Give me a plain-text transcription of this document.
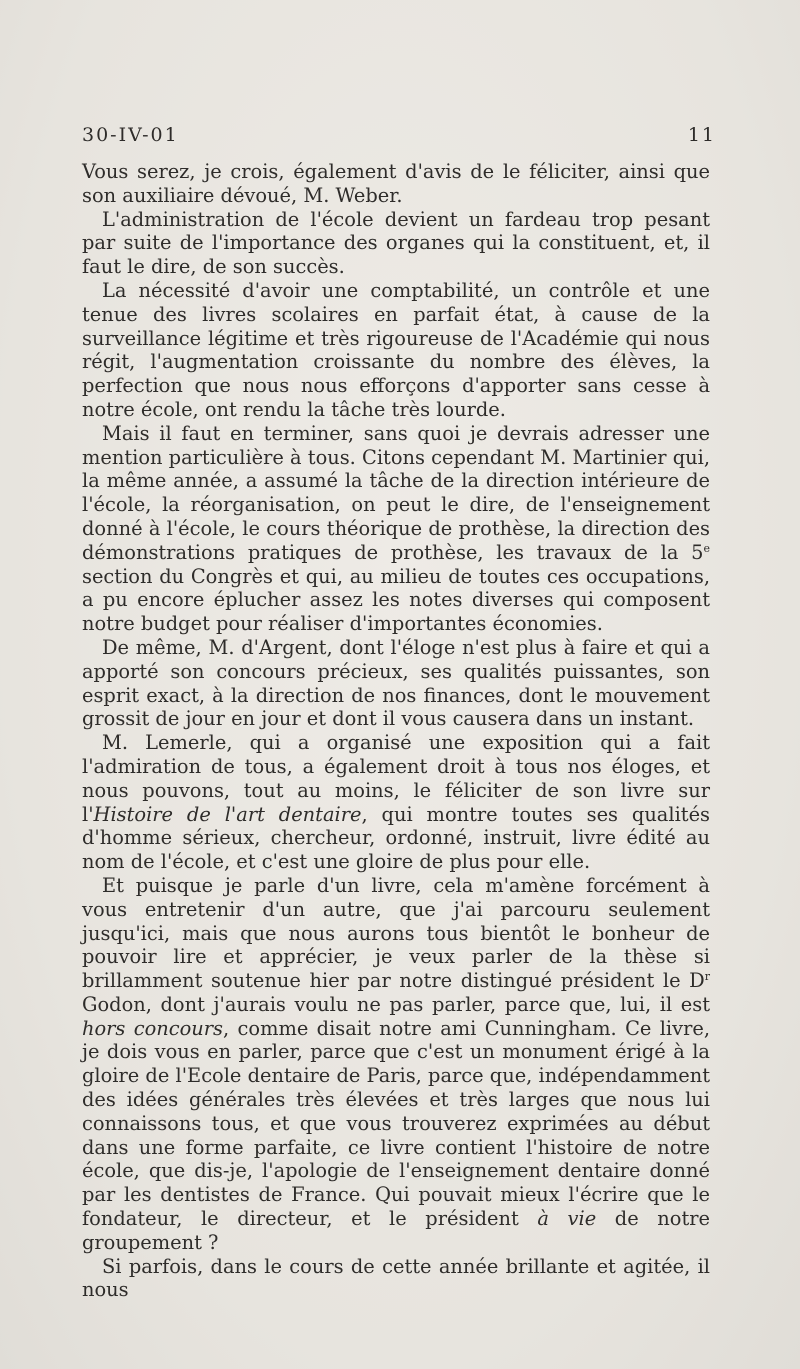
30-IV-01	11

Vous serez, je crois, également d'avis de le féliciter, ainsi que son auxiliaire dévoué, M. Weber.

L'administration de l'école devient un fardeau trop pesant par suite de l'importance des organes qui la constituent, et, il faut le dire, de son succès.

La nécessité d'avoir une comptabilité, un contrôle et une tenue des livres scolaires en parfait état, à cause de la surveillance légitime et très rigoureuse de l'Académie qui nous régit, l'augmentation croissante du nombre des élèves, la perfection que nous nous efforçons d'apporter sans cesse à notre école, ont rendu la tâche très lourde.

Mais il faut en terminer, sans quoi je devrais adresser une mention particulière à tous. Citons cependant M. Martinier qui, la même année, a assumé la tâche de la direction intérieure de l'école, la réorganisation, on peut le dire, de l'enseignement donné à l'école, le cours théorique de prothèse, la direction des démonstrations pratiques de prothèse, les travaux de la 5e section du Congrès et qui, au milieu de toutes ces occupations, a pu encore éplucher assez les notes diverses qui composent notre budget pour réaliser d'importantes économies.

De même, M. d'Argent, dont l'éloge n'est plus à faire et qui a apporté son concours précieux, ses qualités puissantes, son esprit exact, à la direction de nos finances, dont le mouvement grossit de jour en jour et dont il vous causera dans un instant.

M. Lemerle, qui a organisé une exposition qui a fait l'admiration de tous, a également droit à tous nos éloges, et nous pouvons, tout au moins, le féliciter de son livre sur l'Histoire de l'art dentaire, qui montre toutes ses qualités d'homme sérieux, chercheur, ordonné, instruit, livre édité au nom de l'école, et c'est une gloire de plus pour elle.

Et puisque je parle d'un livre, cela m'amène forcément à vous entretenir d'un autre, que j'ai parcouru seulement jusqu'ici, mais que nous aurons tous bientôt le bonheur de pouvoir lire et apprécier, je veux parler de la thèse si brillamment soutenue hier par notre distingué président le $D^r$ Godon, dont j'aurais voulu ne pas parler, parce que, lui, il est hors concours, comme disait notre ami Cunningham. Ce livre, je dois vous en parler, parce que c'est un monument érigé à la gloire de l'Ecole dentaire de Paris, parce que, indépendamment des idées générales très élevées et très larges que nous lui connaissons tous, et que vous trouverez exprimées au début dans une forme parfaite, ce livre contient l'histoire de notre école, que dis-je, l'apologie de l'enseignement dentaire donné par les dentistes de France. Qui pouvait mieux l'écrire que le fondateur, le directeur, et le président à vie de notre groupement ?

Si parfois, dans le cours de cette année brillante et agitée, il nous
